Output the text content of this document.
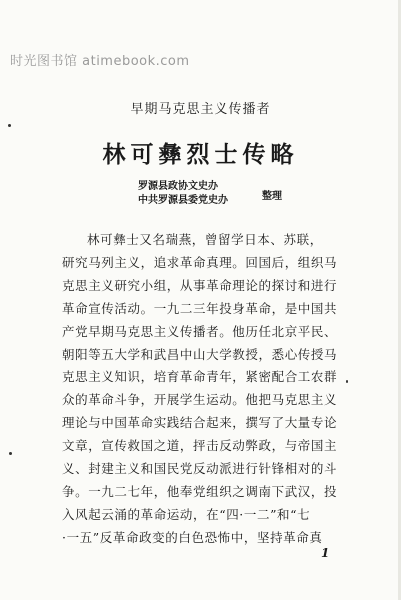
时光图书馆 atimebook.com
早期马克思主义传播者
林可彝烈士传略
罗源县政协文史办
中共罗源县委党史办	整理
林可彝士又名瑞燕，曾留学日本、苏联，
研究马列主义，追求革命真理。回国后，组织马
克思主义研究小组，从事革命理论的探讨和进行
革命宣传活动。一九二三年投身革命，是中国共
产党早期马克思主义传播者。他历任北京平民、
朝阳等五大学和武昌中山大学教授，悉心传授马
克思主义知识，培育革命青年，紧密配合工农群
众的革命斗争，开展学生运动。他把马克思主义
理论与中国革命实践结合起来，撰写了大量专论
文章，宣传救国之道，抨击反动弊政，与帝国主
义、封建主义和国民党反动派进行针锋相对的斗
争。一九二七年，他奉党组织之调南下武汉，投
入风起云涌的革命运动，在“四·一二”和“七
·一五”反革命政变的白色恐怖中，坚持革命真
1
